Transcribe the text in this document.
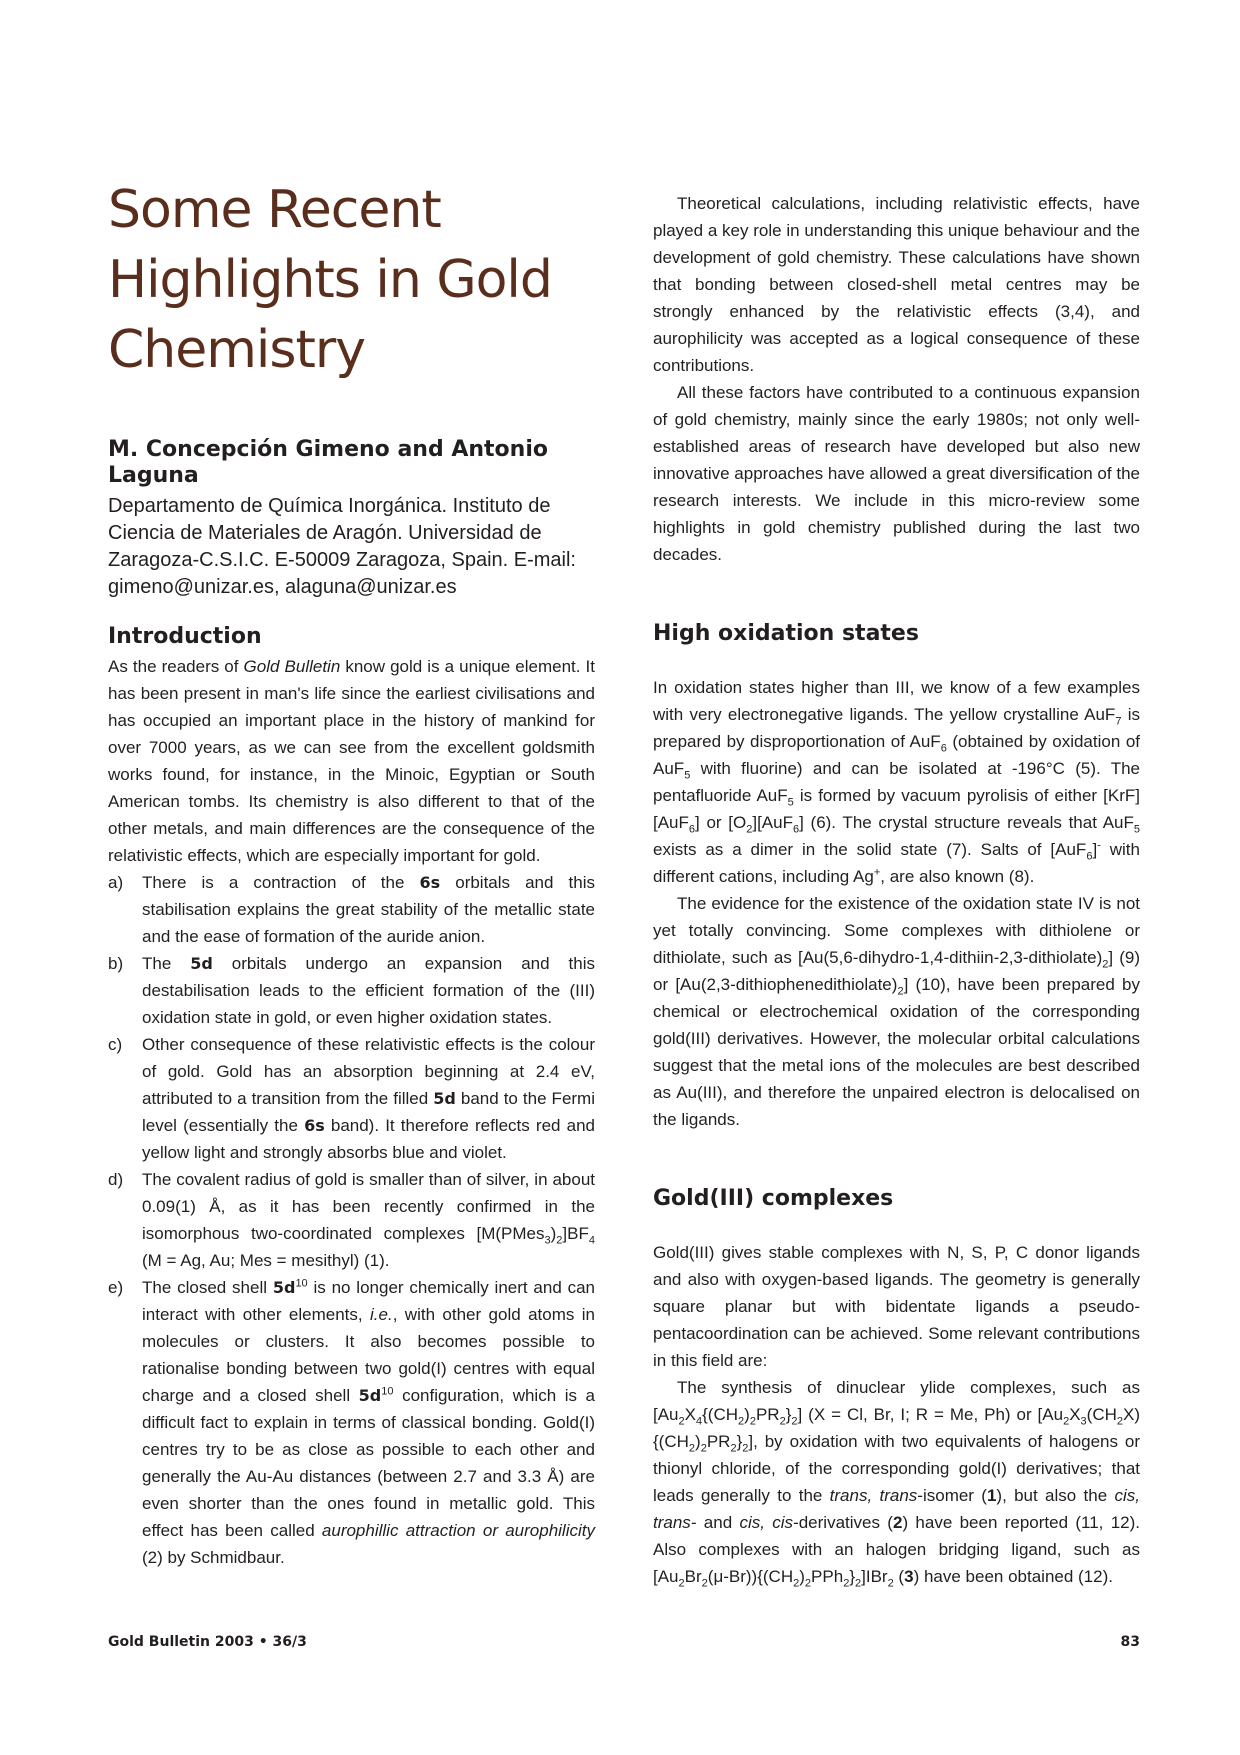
Some Recent
Highlights in Gold
Chemistry
M. Concepción Gimeno and Antonio Laguna
Departamento de Química Inorgánica. Instituto de Ciencia de Materiales de Aragón. Universidad de Zaragoza-C.S.I.C. E-50009 Zaragoza, Spain. E-mail: gimeno@unizar.es, alaguna@unizar.es
Introduction

As the readers of Gold Bulletin know gold is a unique element. It has been present in man's life since the earliest civilisations and has occupied an important place in the history of mankind for over 7000 years, as we can see from the excellent goldsmith works found, for instance, in the Minoic, Egyptian or South American tombs. Its chemistry is also different to that of the other metals, and main differences are the consequence of the relativistic effects, which are especially important for gold.

a) There is a contraction of the 6s orbitals and this stabilisation explains the great stability of the metallic state and the ease of formation of the auride anion.
b) The 5d orbitals undergo an expansion and this destabilisation leads to the efficient formation of the (III) oxidation state in gold, or even higher oxidation states.
c) Other consequence of these relativistic effects is the colour of gold. Gold has an absorption beginning at 2.4 eV, attributed to a transition from the filled 5d band to the Fermi level (essentially the 6s band). It therefore reflects red and yellow light and strongly absorbs blue and violet.
d) The covalent radius of gold is smaller than of silver, in about 0.09(1) Å, as it has been recently confirmed in the isomorphous two-coordinated complexes $[M(PMes_3)_2]BF_4$ (M = Ag, Au; Mes = mesithyl) (1).
e) The closed shell $5d^{10}$ is no longer chemically inert and can interact with other elements, i.e., with other gold atoms in molecules or clusters. It also becomes possible to rationalise bonding between two gold(I) centres with equal charge and a closed shell $5d^{10}$ configuration, which is a difficult fact to explain in terms of classical bonding. Gold(I) centres try to be as close as possible to each other and generally the Au-Au distances (between 2.7 and 3.3 Å) are even shorter than the ones found in metallic gold. This effect has been called aurophillic attraction or aurophilicity (2) by Schmidbaur.

Theoretical calculations, including relativistic effects, have played a key role in understanding this unique behaviour and the development of gold chemistry. These calculations have shown that bonding between closed-shell metal centres may be strongly enhanced by the relativistic effects (3,4), and aurophilicity was accepted as a logical consequence of these contributions.

All these factors have contributed to a continuous expansion of gold chemistry, mainly since the early 1980s; not only well-established areas of research have developed but also new innovative approaches have allowed a great diversification of the research interests. We include in this micro-review some highlights in gold chemistry published during the last two decades.

High oxidation states

In oxidation states higher than III, we know of a few examples with very electronegative ligands. The yellow crystalline AuF$_7$ is prepared by disproportionation of AuF$_6$ (obtained by oxidation of AuF$_5$ with fluorine) and can be isolated at -196°C (5). The pentafluoride AuF$_5$ is formed by vacuum pyrolisis of either [KrF][AuF$_6$] or $[O_2][AuF_6]$ (6). The crystal structure reveals that AuF$_5$ exists as a dimer in the solid state (7). Salts of [AuF$_6$]- with different cations, including Ag+, are also known (8).

The evidence for the existence of the oxidation state IV is not yet totally convincing. Some complexes with dithiolene or dithiolate, such as $[Au(5,6-dihydro-1,4-dithiin-2,3-dithiolate)_2]$ (9) or $[Au(2,3-dithiophenedithiolate)_2]$ (10), have been prepared by chemical or electrochemical oxidation of the corresponding gold(III) derivatives. However, the molecular orbital calculations suggest that the metal ions of the molecules are best described as Au(III), and therefore the unpaired electron is delocalised on the ligands.

Gold(III) complexes

Gold(III) gives stable complexes with N, S, P, C donor ligands and also with oxygen-based ligands. The geometry is generally square planar but with bidentate ligands a pseudo-pentacoordination can be achieved. Some relevant contributions in this field are:

The synthesis of dinuclear ylide complexes, such as $[Au_2X_4\{(CH_2)_2PR_2\}_2] (X = Cl$, Br, I; R = Me, Ph) or $[Au_2X_3(CH_2X)\{(CH_2)_2PR_2\}_2]$, by oxidation with two equivalents of halogens or thionyl chloride, of the corresponding gold(I) derivatives; that leads generally to the trans, trans-isomer (1), but also the cis, trans- and cis, cis-derivatives (2) have been reported (11, 12). Also complexes with an halogen bridging ligand, such as $[Au_2Br_2(\mu-Br))\{(CH_2)_2PPh_2\}_2]IBr_2$ (3) have been obtained (12).

Gold Bulletin 2003 • 36/3	83
